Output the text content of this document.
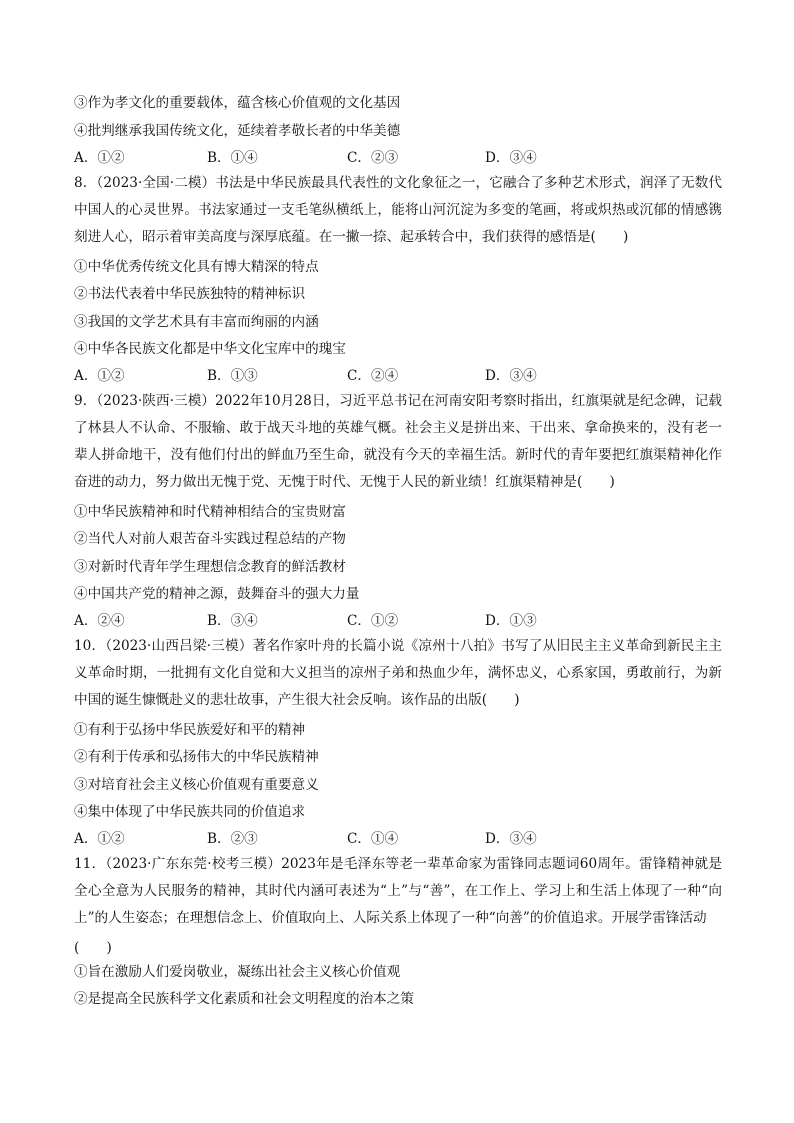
③作为孝文化的重要载体，蕴含核心价值观的文化基因
④批判继承我国传统文化，延续着孝敬长者的中华美德
A．①②	B．①④	C．②③	D．③④
8．（2023·全国·二模）书法是中华民族最具代表性的文化象征之一，它融合了多种艺术形式，润泽了无数代中国人的心灵世界。书法家通过一支毛笔纵横纸上，能将山河沉淀为多变的笔画，将或炽热或沉郁的情感镌刻进人心，昭示着审美高度与深厚底蕴。在一撇一捺、起承转合中，我们获得的感悟是(　　)
①中华优秀传统文化具有博大精深的特点
②书法代表着中华民族独特的精神标识
③我国的文学艺术具有丰富而绚丽的内涵
④中华各民族文化都是中华文化宝库中的瑰宝
A．①②	B．①③	C．②④	D．③④
9．（2023·陕西·三模）2022年10月28日，习近平总书记在河南安阳考察时指出，红旗渠就是纪念碑，记载了林县人不认命、不服输、敢于战天斗地的英雄气概。社会主义是拼出来、干出来、拿命换来的，没有老一辈人拼命地干，没有他们付出的鲜血乃至生命，就没有今天的幸福生活。新时代的青年要把红旗渠精神化作奋进的动力，努力做出无愧于党、无愧于时代、无愧于人民的新业绩！红旗渠精神是(　　)
①中华民族精神和时代精神相结合的宝贵财富
②当代人对前人艰苦奋斗实践过程总结的产物
③对新时代青年学生理想信念教育的鲜活教材
④中国共产党的精神之源，鼓舞奋斗的强大力量
A．②④	B．③④	C．①②	D．①③
10．（2023·山西吕梁·三模）著名作家叶舟的长篇小说《凉州十八拍》书写了从旧民主主义革命到新民主主义革命时期，一批拥有文化自觉和大义担当的凉州子弟和热血少年，满怀忠义，心系家国，勇敢前行，为新中国的诞生慷慨赴义的悲壮故事，产生很大社会反响。该作品的出版(　　)
①有利于弘扬中华民族爱好和平的精神
②有利于传承和弘扬伟大的中华民族精神
③对培育社会主义核心价值观有重要意义
④集中体现了中华民族共同的价值追求
A．①②	B．②③	C．①④	D．③④
11．（2023·广东东莞·校考三模）2023年是毛泽东等老一辈革命家为雷锋同志题词60周年。雷锋精神就是全心全意为人民服务的精神，其时代内涵可表述为“上”与“善”，在工作上、学习上和生活上体现了一种“向上”的人生姿态；在理想信念上、价值取向上、人际关系上体现了一种“向善”的价值追求。开展学雷锋活动
(　　)
①旨在激励人们爱岗敬业，凝练出社会主义核心价值观
②是提高全民族科学文化素质和社会文明程度的治本之策
